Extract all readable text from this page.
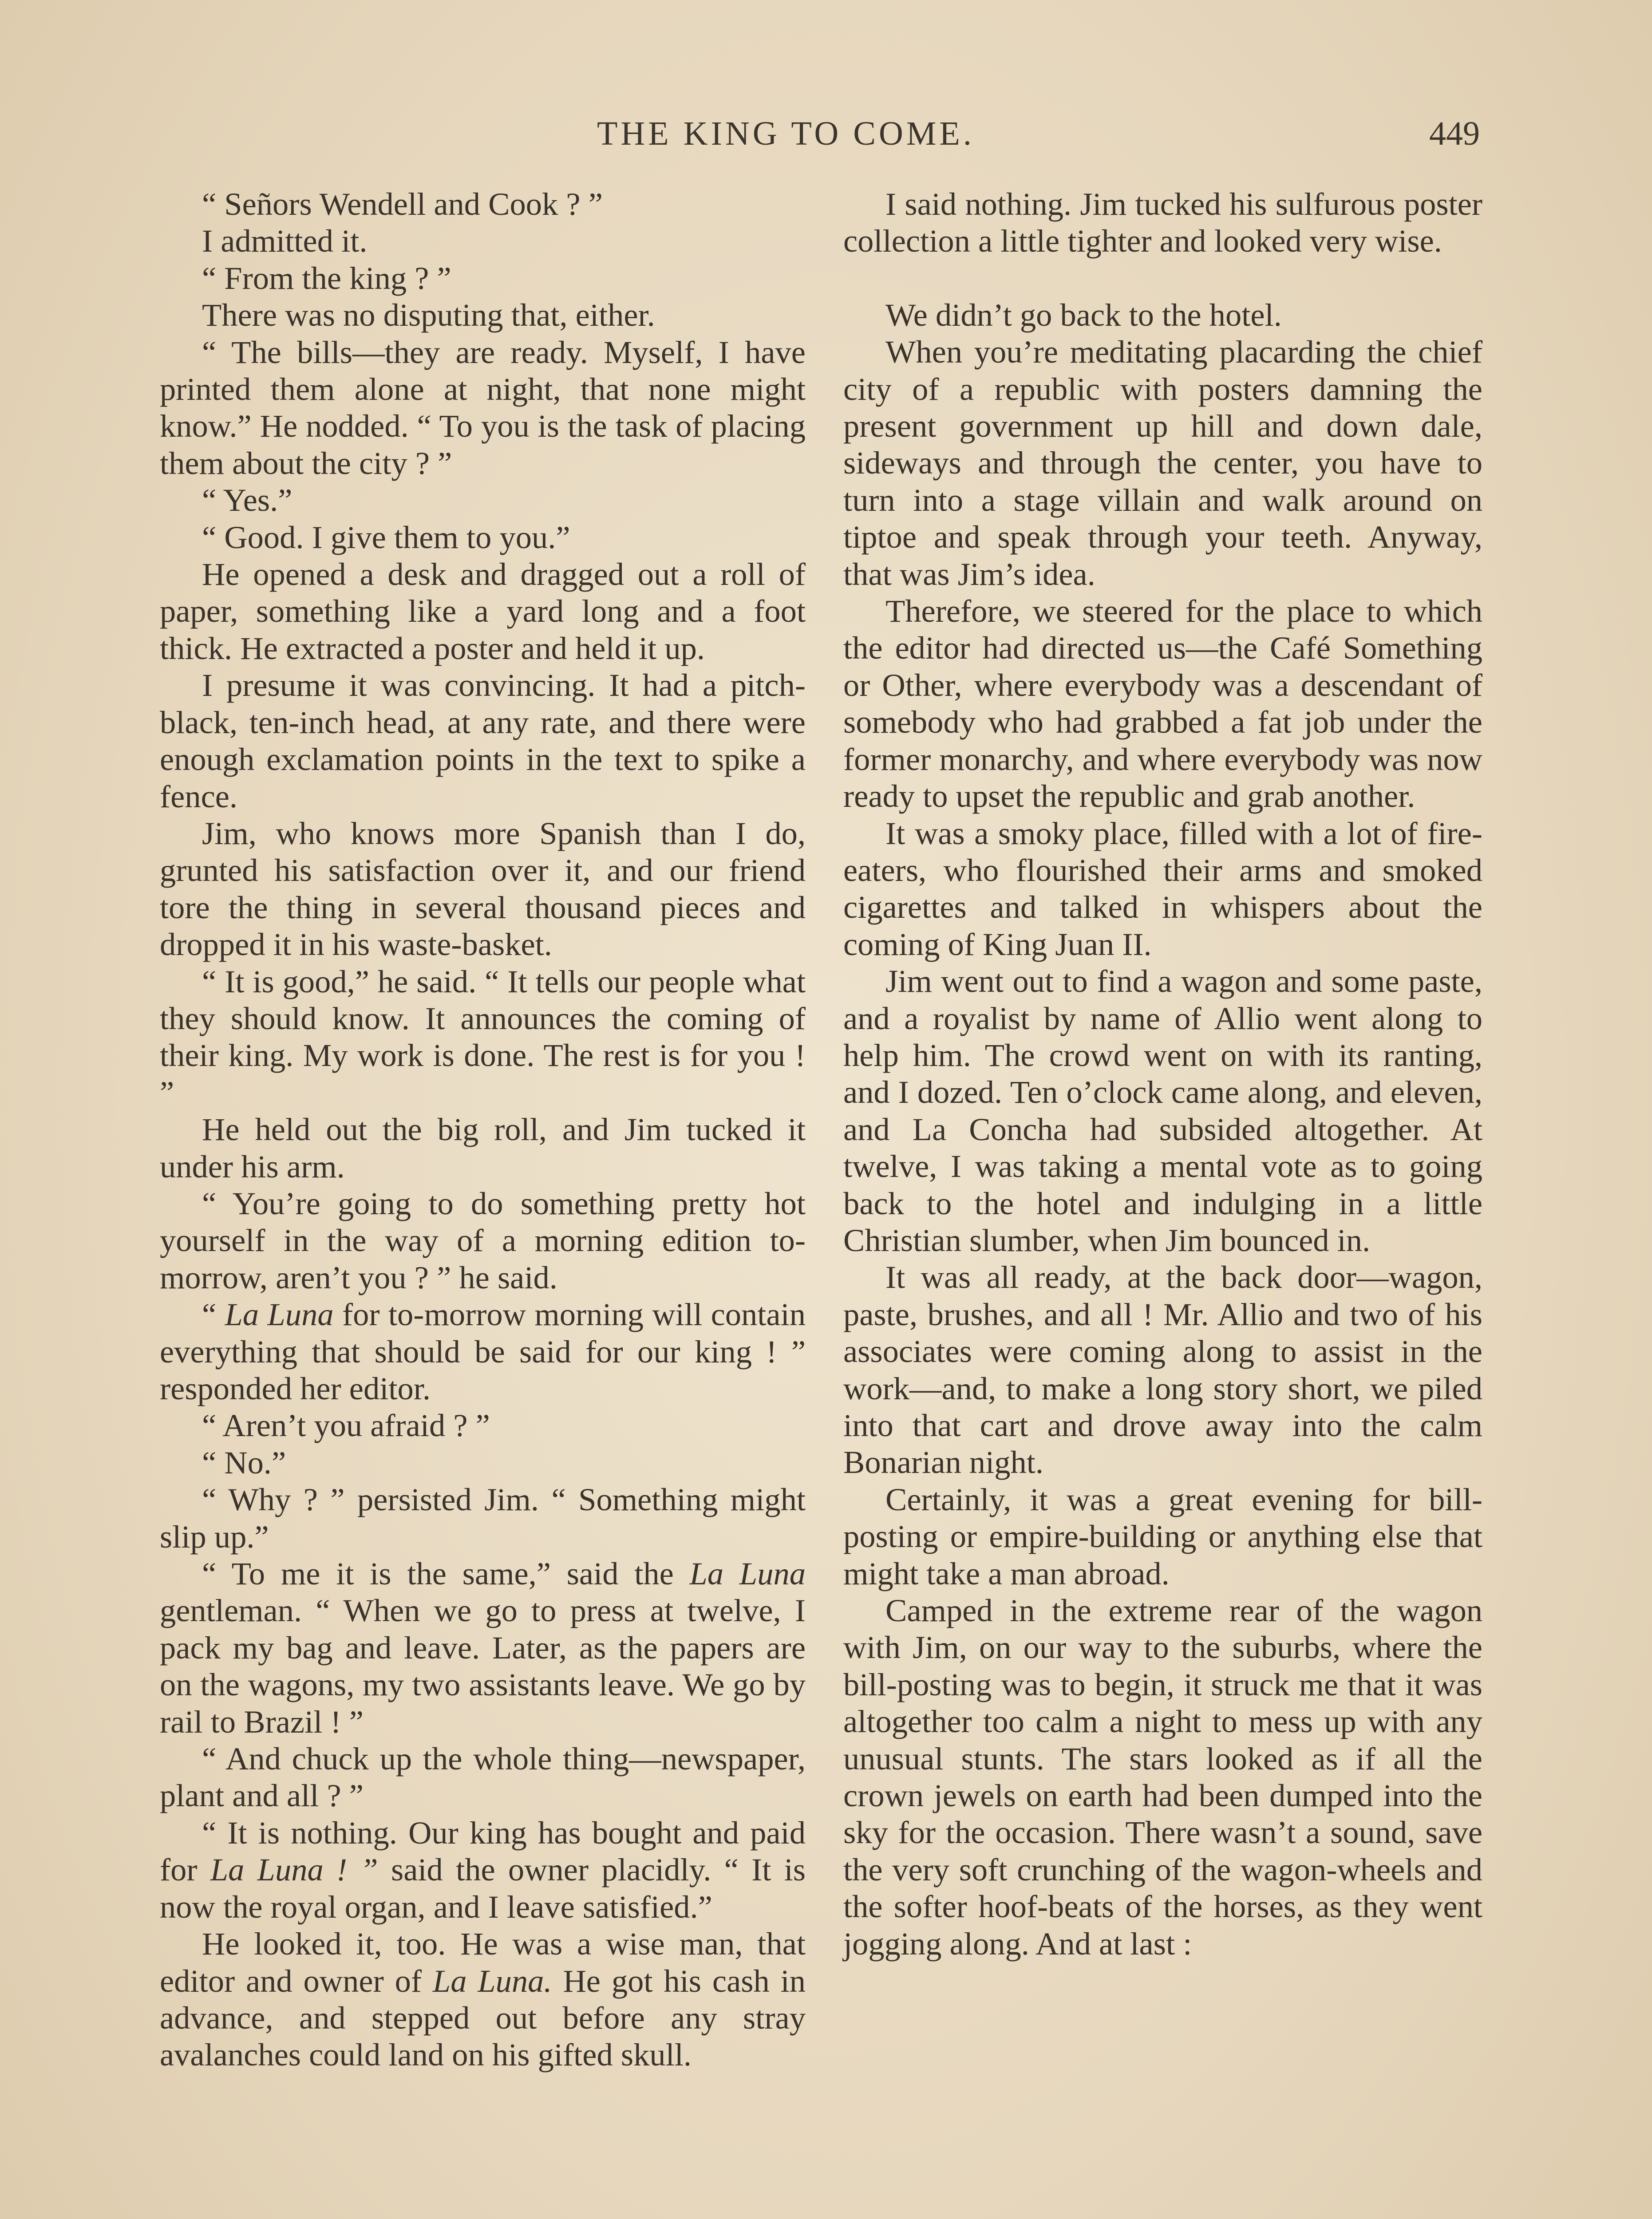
THE KING TO COME.	449

“ Señors Wendell and Cook ? ”

I admitted it.

“ From the king ? ”

There was no disputing that, either.

“ The bills—they are ready. Myself, I have printed them alone at night, that none might know.” He nodded. “ To you is the task of placing them about the city ? ”

“ Yes.”

“ Good. I give them to you.”

He opened a desk and dragged out a roll of paper, something like a yard long and a foot thick. He extracted a poster and held it up.

I presume it was convincing. It had a pitch-black, ten-inch head, at any rate, and there were enough exclamation points in the text to spike a fence.

Jim, who knows more Spanish than I do, grunted his satisfaction over it, and our friend tore the thing in several thousand pieces and dropped it in his waste-basket.

“ It is good,” he said. “ It tells our people what they should know. It announces the coming of their king. My work is done. The rest is for you ! ”

He held out the big roll, and Jim tucked it under his arm.

“ You’re going to do something pretty hot yourself in the way of a morning edition to-morrow, aren’t you ? ” he said.

“ La Luna for to-morrow morning will contain everything that should be said for our king ! ” responded her editor.

“ Aren’t you afraid ? ”

“ No.”

“ Why ? ” persisted Jim. “ Something might slip up.”

“ To me it is the same,” said the La Luna gentleman. “ When we go to press at twelve, I pack my bag and leave. Later, as the papers are on the wagons, my two assistants leave. We go by rail to Brazil ! ”

“ And chuck up the whole thing—newspaper, plant and all ? ”

“ It is nothing. Our king has bought and paid for La Luna ! ” said the owner placidly. “ It is now the royal organ, and I leave satisfied.”

He looked it, too. He was a wise man, that editor and owner of La Luna. He got his cash in advance, and stepped out before any stray avalanches could land on his gifted skull.

I said nothing. Jim tucked his sulfurous poster collection a little tighter and looked very wise.

We didn’t go back to the hotel.

When you’re meditating placarding the chief city of a republic with posters damning the present government up hill and down dale, sideways and through the center, you have to turn into a stage villain and walk around on tiptoe and speak through your teeth. Anyway, that was Jim’s idea.

Therefore, we steered for the place to which the editor had directed us—the Café Something or Other, where everybody was a descendant of somebody who had grabbed a fat job under the former monarchy, and where everybody was now ready to upset the republic and grab another.

It was a smoky place, filled with a lot of fire-eaters, who flourished their arms and smoked cigarettes and talked in whispers about the coming of King Juan II.

Jim went out to find a wagon and some paste, and a royalist by name of Allio went along to help him. The crowd went on with its ranting, and I dozed. Ten o’clock came along, and eleven, and La Concha had subsided altogether. At twelve, I was taking a mental vote as to going back to the hotel and indulging in a little Christian slumber, when Jim bounced in.

It was all ready, at the back door—wagon, paste, brushes, and all ! Mr. Allio and two of his associates were coming along to assist in the work—and, to make a long story short, we piled into that cart and drove away into the calm Bonarian night.

Certainly, it was a great evening for bill-posting or empire-building or anything else that might take a man abroad.

Camped in the extreme rear of the wagon with Jim, on our way to the suburbs, where the bill-posting was to begin, it struck me that it was altogether too calm a night to mess up with any unusual stunts. The stars looked as if all the crown jewels on earth had been dumped into the sky for the occasion. There wasn’t a sound, save the very soft crunching of the wagon-wheels and the softer hoof-beats of the horses, as they went jogging along. And at last :
